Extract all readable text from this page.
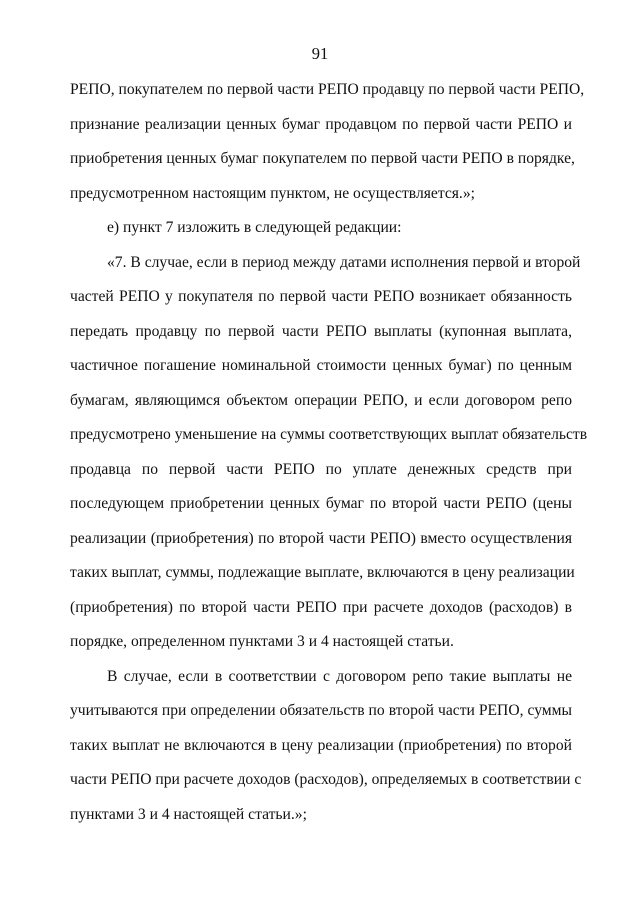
91
РЕПО, покупателем по первой части РЕПО продавцу по первой части РЕПО,
признание реализации ценных бумаг продавцом по первой части РЕПО и
приобретения ценных бумаг покупателем по первой части РЕПО в порядке,
предусмотренном настоящим пунктом, не осуществляется.»;
е) пункт 7 изложить в следующей редакции:
«7. В случае, если в период между датами исполнения первой и второй
частей РЕПО у покупателя по первой части РЕПО возникает обязанность
передать продавцу по первой части РЕПО выплаты (купонная выплата,
частичное погашение номинальной стоимости ценных бумаг) по ценным
бумагам, являющимся объектом операции РЕПО, и если договором репо
предусмотрено уменьшение на суммы соответствующих выплат обязательств
продавца по первой части РЕПО по уплате денежных средств при
последующем приобретении ценных бумаг по второй части РЕПО (цены
реализации (приобретения) по второй части РЕПО) вместо осуществления
таких выплат, суммы, подлежащие выплате, включаются в цену реализации
(приобретения) по второй части РЕПО при расчете доходов (расходов) в
порядке, определенном пунктами 3 и 4 настоящей статьи.
В случае, если в соответствии с договором репо такие выплаты не
учитываются при определении обязательств по второй части РЕПО, суммы
таких выплат не включаются в цену реализации (приобретения) по второй
части РЕПО при расчете доходов (расходов), определяемых в соответствии с
пунктами 3 и 4 настоящей статьи.»;
